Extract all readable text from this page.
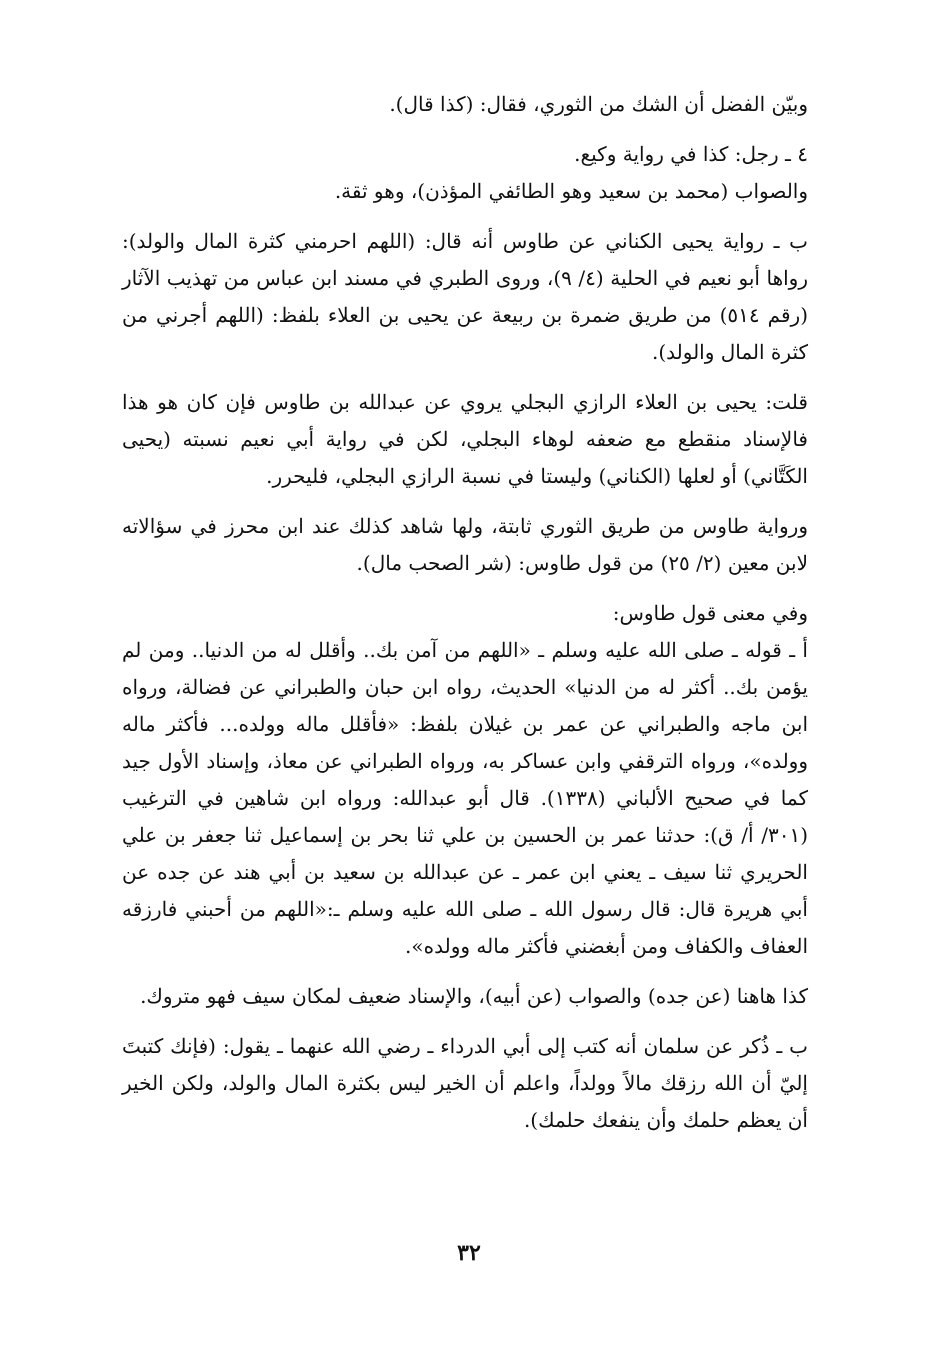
وبيّن الفضل أن الشك من الثوري، فقال: (كذا قال).

٤ ـ رجل: كذا في رواية وكيع.

والصواب (محمد بن سعيد وهو الطائفي المؤذن)، وهو ثقة.

ب ـ رواية يحيى الكناني عن طاوس أنه قال: (اللهم احرمني كثرة المال والولد): رواها أبو نعيم في الحلية (٤/ ٩)، وروى الطبري في مسند ابن عباس من تهذيب الآثار (رقم ٥١٤) من طريق ضمرة بن ربيعة عن يحيى بن العلاء بلفظ: (اللهم أجرني من كثرة المال والولد).

قلت: يحيى بن العلاء الرازي البجلي يروي عن عبدالله بن طاوس فإن كان هو هذا فالإسناد منقطع مع ضعفه لوهاء البجلي، لكن في رواية أبي نعيم نسبته (يحيى الكَتَّاني) أو لعلها (الكناني) وليستا في نسبة الرازي البجلي، فليحرر.

ورواية طاوس من طريق الثوري ثابتة، ولها شاهد كذلك عند ابن محرز في سؤالاته لابن معين (٢/ ٢٥) من قول طاوس: (شر الصحب مال).

وفي معنى قول طاوس:

أ ـ قوله ـ صلى الله عليه وسلم ـ «اللهم من آمن بك.. وأقلل له من الدنيا.. ومن لم يؤمن بك.. أكثر له من الدنيا» الحديث، رواه ابن حبان والطبراني عن فضالة، ورواه ابن ماجه والطبراني عن عمر بن غيلان بلفظ: «فأقلل ماله وولده... فأكثر ماله وولده»، ورواه الترقفي وابن عساكر به، ورواه الطبراني عن معاذ، وإسناد الأول جيد كما في صحيح الألباني (١٣٣٨). قال أبو عبدالله: ورواه ابن شاهين في الترغيب (٣٠١/ أ/ ق): حدثنا عمر بن الحسين بن علي ثنا بحر بن إسماعيل ثنا جعفر بن علي الحريري ثنا سيف ـ يعني ابن عمر ـ عن عبدالله بن سعيد بن أبي هند عن جده عن أبي هريرة قال: قال رسول الله ـ صلى الله عليه وسلم ـ:«اللهم من أحبني فارزقه العفاف والكفاف ومن أبغضني فأكثر ماله وولده».

كذا هاهنا (عن جده) والصواب (عن أبيه)، والإسناد ضعيف لمكان سيف فهو متروك.

ب ـ ذُكر عن سلمان أنه كتب إلى أبي الدرداء ـ رضي الله عنهما ـ يقول: (فإنك كتبتَ إليّ أن الله رزقك مالاً وولداً، واعلم أن الخير ليس بكثرة المال والولد، ولكن الخير أن يعظم حلمك وأن ينفعك حلمك).

٣٢
